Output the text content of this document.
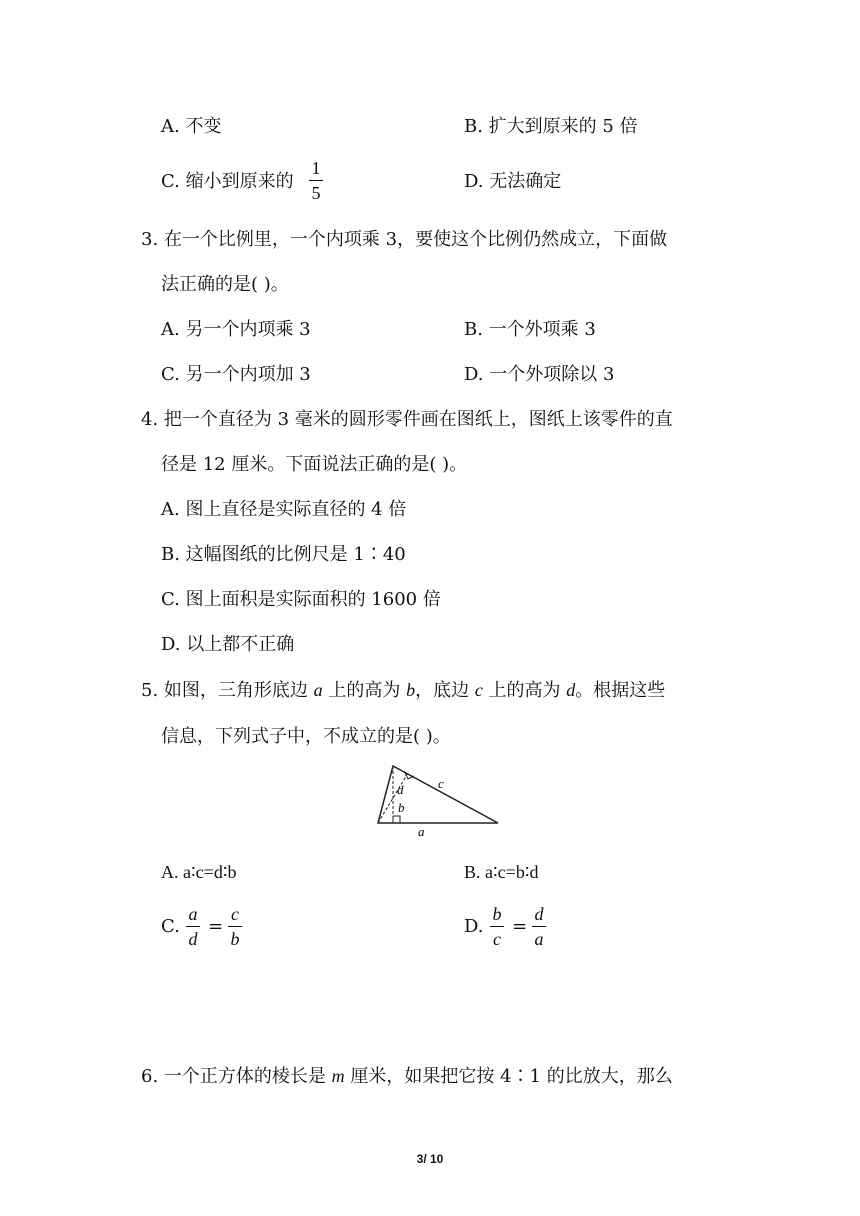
A. 不变	B. 扩大到原来的 5 倍
C. 缩小到原来的
1
5
D. 无法确定
3. 在一个比例里，一个内项乘 3，要使这个比例仍然成立，下面做
法正确的是( )。
A. 另一个内项乘 3	B. 一个外项乘 3
C. 另一个内项加 3	D. 一个外项除以 3
4. 把一个直径为 3 毫米的圆形零件画在图纸上，图纸上该零件的直
径是 12 厘米。下面说法正确的是( )。
A. 图上直径是实际直径的 4 倍
B. 这幅图纸的比例尺是 1∶40
C. 图上面积是实际面积的 1600 倍
D. 以上都不正确
5. 如图，三角形底边 a 上的高为 b，底边 c 上的高为 d。根据这些
信息，下列式子中，不成立的是( )。
c
d
b
a
A. a∶c=d∶b	B. a∶c=b∶d
C.
a
d
=
c
b
D.
b
c
=
d
a
6. 一个正方体的棱长是 m 厘米，如果把它按 4∶1 的比放大，那么
3/ 10
